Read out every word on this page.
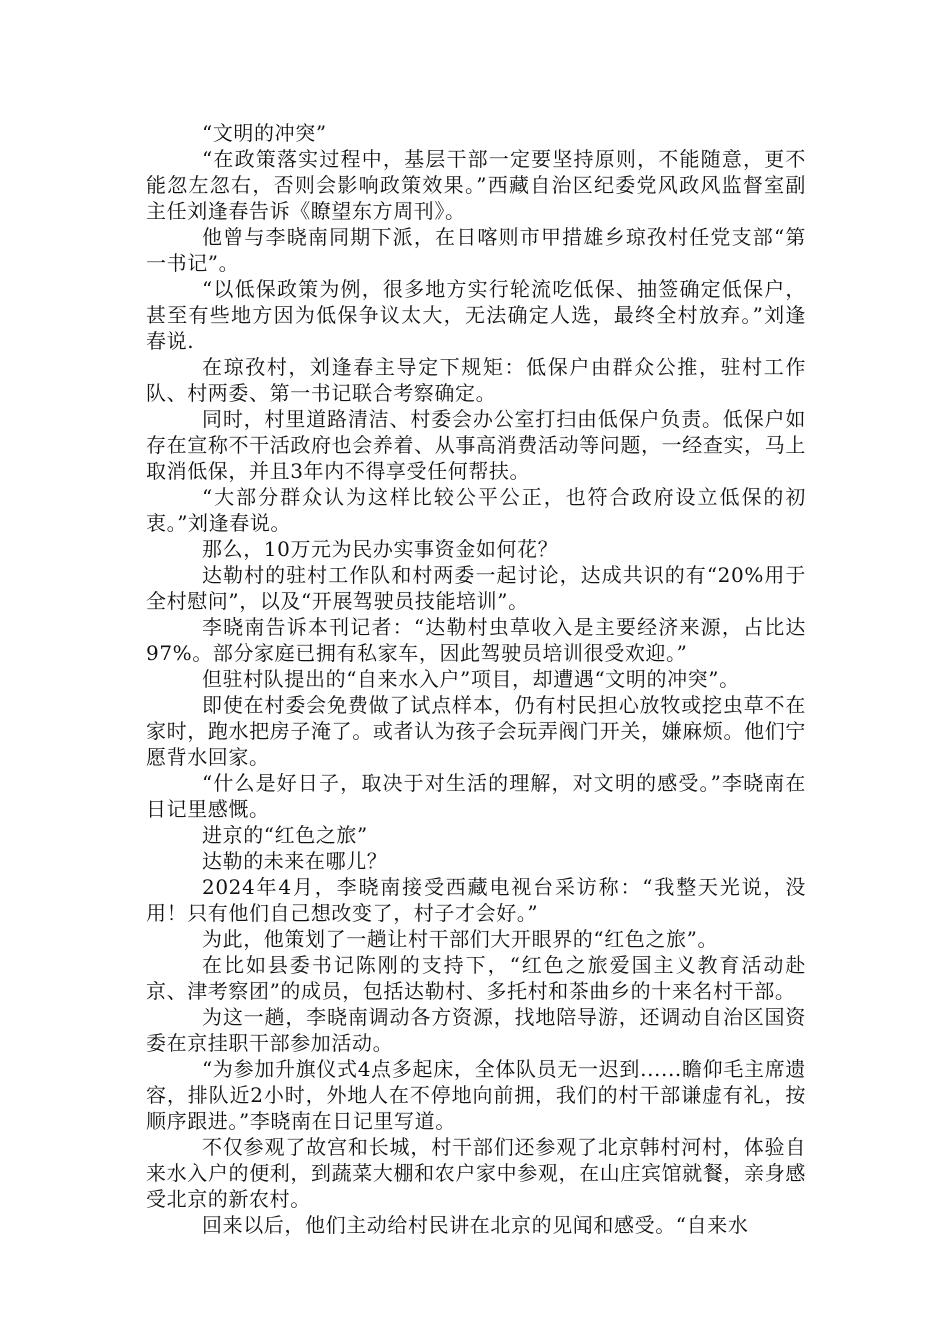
“文明的冲突”

“在政策落实过程中，基层干部一定要坚持原则，不能随意，更不能忽左忽右，否则会影响政策效果。”西藏自治区纪委党风政风监督室副主任刘逢春告诉《瞭望东方周刊》。

他曾与李晓南同期下派，在日喀则市甲措雄乡琼孜村任党支部“第一书记”。

“以低保政策为例，很多地方实行轮流吃低保、抽签确定低保户，甚至有些地方因为低保争议太大，无法确定人选，最终全村放弃。”刘逢春说.

在琼孜村，刘逢春主导定下规矩：低保户由群众公推，驻村工作队、村两委、第一书记联合考察确定。

同时，村里道路清洁、村委会办公室打扫由低保户负责。低保户如存在宣称不干活政府也会养着、从事高消费活动等问题，一经查实，马上取消低保，并且3年内不得享受任何帮扶。

“大部分群众认为这样比较公平公正，也符合政府设立低保的初衷。”刘逢春说。

那么，10万元为民办实事资金如何花？

达勒村的驻村工作队和村两委一起讨论，达成共识的有“20%用于全村慰问”，以及“开展驾驶员技能培训”。

李晓南告诉本刊记者：“达勒村虫草收入是主要经济来源，占比达97%。部分家庭已拥有私家车，因此驾驶员培训很受欢迎。”

但驻村队提出的“自来水入户”项目，却遭遇“文明的冲突”。

即使在村委会免费做了试点样本，仍有村民担心放牧或挖虫草不在家时，跑水把房子淹了。或者认为孩子会玩弄阀门开关，嫌麻烦。他们宁愿背水回家。

“什么是好日子，取决于对生活的理解，对文明的感受。”李晓南在日记里感慨。

进京的“红色之旅”

达勒的未来在哪儿？

2024年4月，李晓南接受西藏电视台采访称：“我整天光说，没用！只有他们自己想改变了，村子才会好。”

为此，他策划了一趟让村干部们大开眼界的“红色之旅”。

在比如县委书记陈刚的支持下，“红色之旅爱国主义教育活动赴京、津考察团”的成员，包括达勒村、多托村和茶曲乡的十来名村干部。

为这一趟，李晓南调动各方资源，找地陪导游，还调动自治区国资委在京挂职干部参加活动。

“为参加升旗仪式4点多起床，全体队员无一迟到......瞻仰毛主席遗容，排队近2小时，外地人在不停地向前拥，我们的村干部谦虚有礼，按顺序跟进。”李晓南在日记里写道。

不仅参观了故宫和长城，村干部们还参观了北京韩村河村，体验自来水入户的便利，到蔬菜大棚和农户家中参观，在山庄宾馆就餐，亲身感受北京的新农村。

回来以后，他们主动给村民讲在北京的见闻和感受。“自来水
